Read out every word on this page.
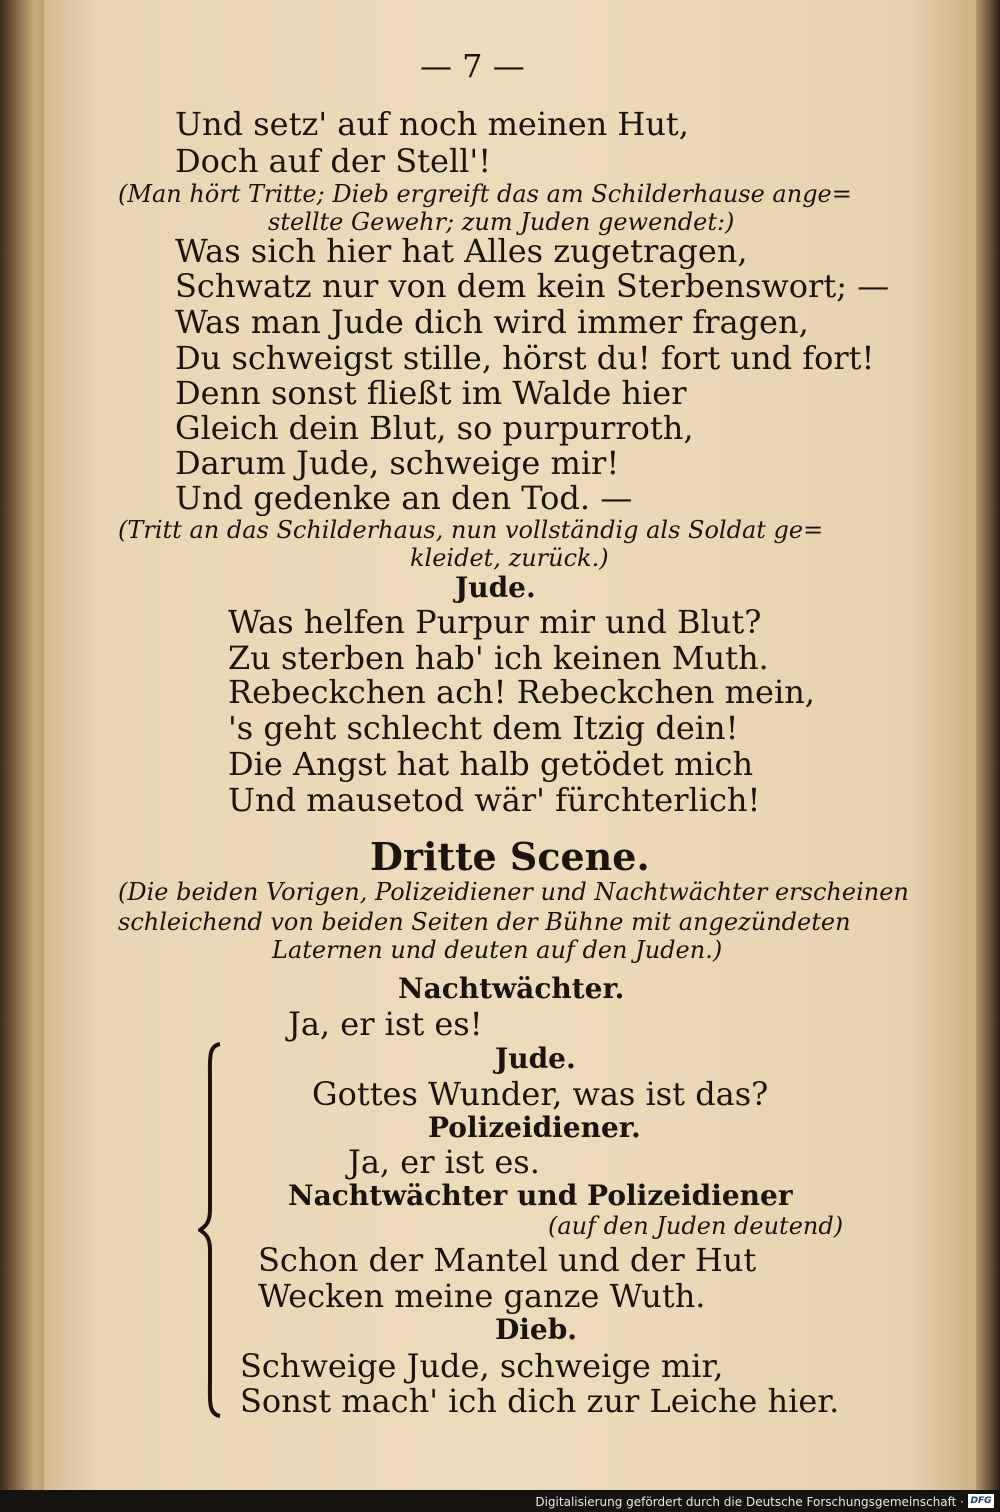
— 7 —
Und setz' auf noch meinen Hut,
Doch auf der Stell'!
(Man hört Tritte; Dieb ergreift das am Schilderhause ange=
stellte Gewehr; zum Juden gewendet:)
Was sich hier hat Alles zugetragen,
Schwatz nur von dem kein Sterbenswort; —
Was man Jude dich wird immer fragen,
Du schweigst stille, hörst du! fort und fort!
Denn sonst fließt im Walde hier
Gleich dein Blut, so purpurroth,
Darum Jude, schweige mir!
Und gedenke an den Tod. —
(Tritt an das Schilderhaus, nun vollständig als Soldat ge=
kleidet, zurück.)
Jude.
Was helfen Purpur mir und Blut?
Zu sterben hab' ich keinen Muth.
Rebeckchen ach! Rebeckchen mein,
's geht schlecht dem Itzig dein!
Die Angst hat halb getödet mich
Und mausetod wär' fürchterlich!
Dritte Scene.
(Die beiden Vorigen, Polizeidiener und Nachtwächter erscheinen
schleichend von beiden Seiten der Bühne mit angezündeten
Laternen und deuten auf den Juden.)
Nachtwächter.
Ja, er ist es!
Jude.
Gottes Wunder, was ist das?
Polizeidiener.
Ja, er ist es.
Nachtwächter und Polizeidiener
(auf den Juden deutend)
Schon der Mantel und der Hut
Wecken meine ganze Wuth.
Dieb.
Schweige Jude, schweige mir,
Sonst mach' ich dich zur Leiche hier.
Digitalisierung gefördert durch die Deutsche Forschungsgemeinschaft · DFG
